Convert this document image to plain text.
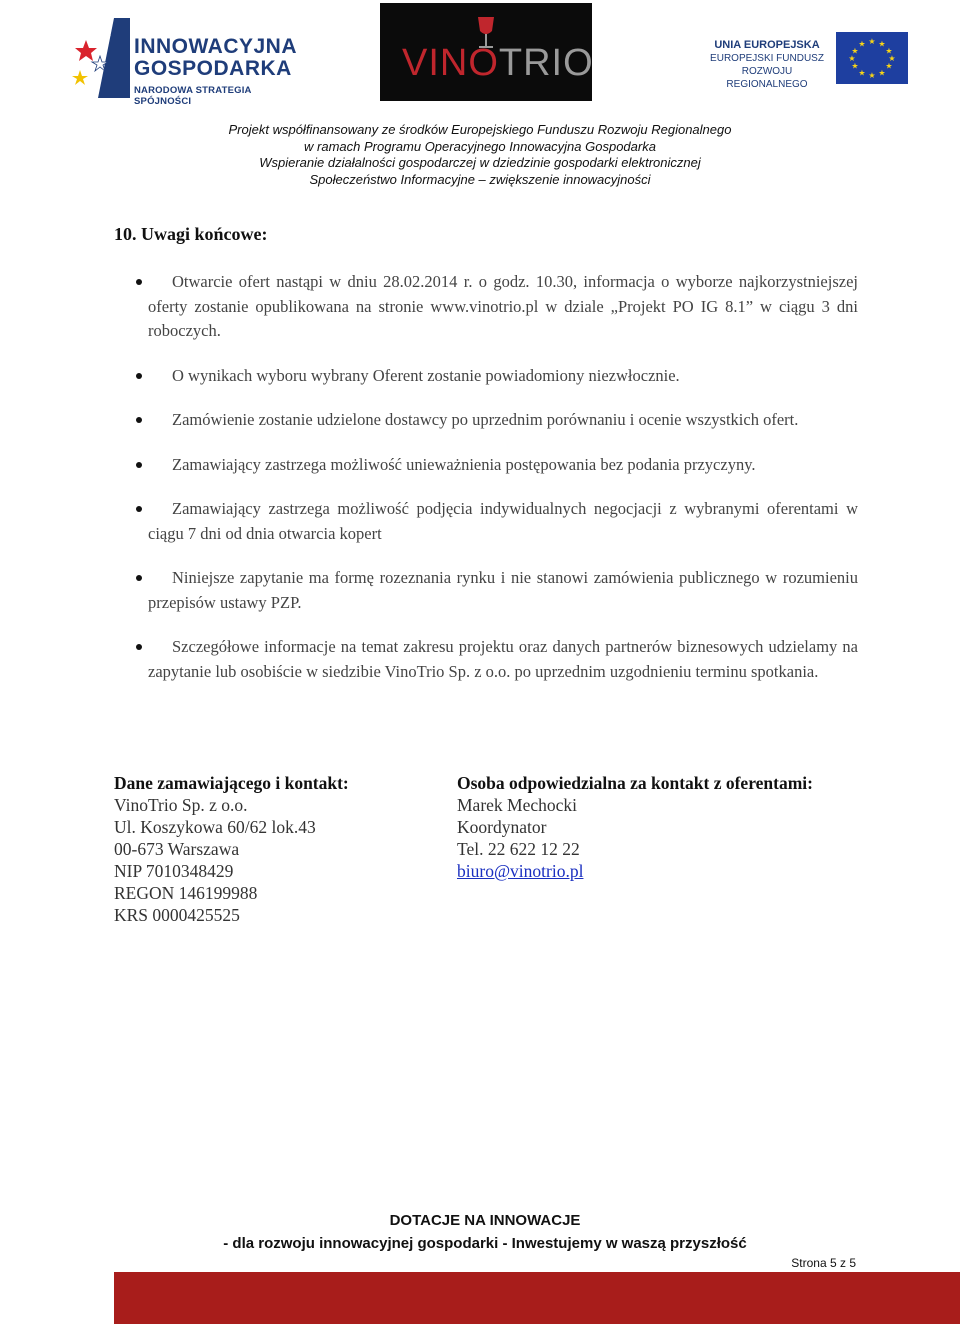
INNOWACYJNA
GOSPODARKA
NARODOWA STRATEGIA SPÓJNOŚCI
VINOTRIO	UNIA EUROPEJSKA
EUROPEJSKI FUNDUSZ
ROZWOJU REGIONALNEGO
★ ★
★
★
★
★
★
★
★
★
★
★
Projekt współfinansowany ze środków Europejskiego Funduszu Rozwoju Regionalnego
w ramach Programu Operacyjnego Innowacyjna Gospodarka
Wspieranie działalności gospodarczej w dziedzinie gospodarki elektronicznej
Społeczeństwo Informacyjne – zwiększenie innowacyjności
10. Uwagi końcowe:
Otwarcie ofert nastąpi w dniu 28.02.2014 r. o godz. 10.30, informacja o wyborze najkorzystniejszej oferty zostanie opublikowana na stronie www.vinotrio.pl w dziale „Projekt PO IG 8.1” w ciągu 3 dni roboczych.
O wynikach wyboru wybrany Oferent zostanie powiadomiony niezwłocznie.
Zamówienie zostanie udzielone dostawcy po uprzednim porównaniu i ocenie wszystkich ofert.
Zamawiający zastrzega możliwość unieważnienia postępowania bez podania przyczyny.
Zamawiający zastrzega możliwość podjęcia indywidualnych negocjacji z wybranymi oferentami w ciągu 7 dni od dnia otwarcia kopert
Niniejsze zapytanie ma formę rozeznania rynku i nie stanowi zamówienia publicznego w rozumieniu przepisów ustawy PZP.
Szczegółowe informacje na temat zakresu projektu oraz danych partnerów biznesowych udzielamy na zapytanie lub osobiście w siedzibie VinoTrio Sp. z o.o. po uprzednim uzgodnieniu terminu spotkania.
Dane zamawiającego i kontakt:
VinoTrio Sp. z o.o.
Ul. Koszykowa 60/62 lok.43
00-673 Warszawa
NIP 7010348429
REGON 146199988
KRS 0000425525
Osoba odpowiedzialna za kontakt z oferentami:
Marek Mechocki
Koordynator
Tel. 22 622 12 22
biuro@vinotrio.pl
DOTACJE NA INNOWACJE
- dla rozwoju innowacyjnej gospodarki - Inwestujemy w waszą przyszłość
Strona 5 z 5
